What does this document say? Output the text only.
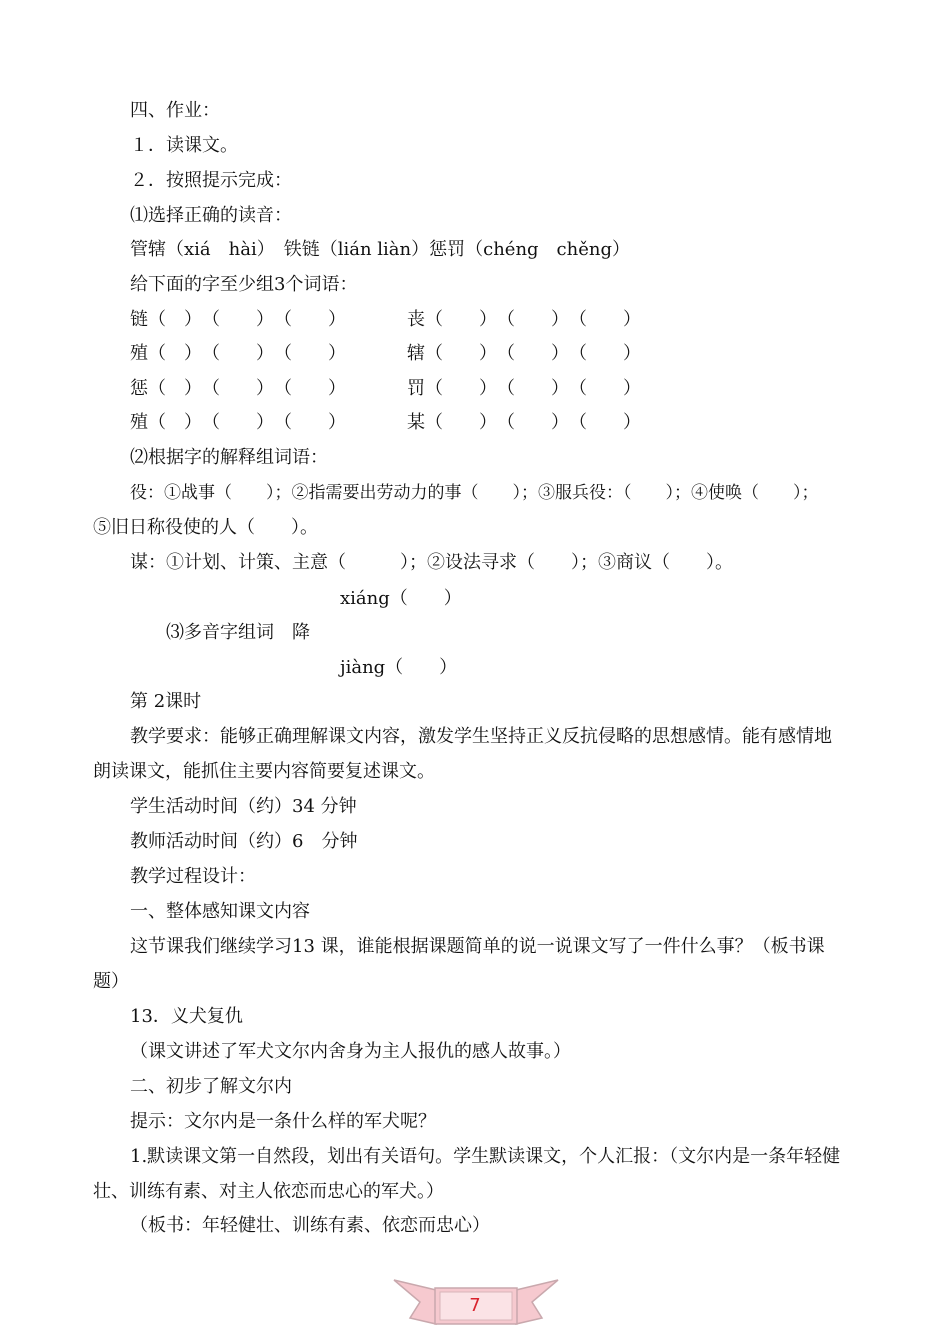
四、作业：
１．读课文。
２．按照提示完成：
⑴选择正确的读音：
管辖（xiá　hài）　铁链（lián liàn）惩罚（chéng　chěng）
给下面的字至少组3个词语：
链（　）　（　　）　（　　）	丧（　　）　（　　）　（　　）
殖（　）　（　　）　（　　）	辖（　　）　（　　）　（　　）
惩（　）　（　　）　（　　）	罚（　　）　（　　）　（　　）
殖（　）　（　　）　（　　）	某（　　）　（　　）　（　　）
⑵根据字的解释组词语：
役：①战事（　　）；②指需要出劳动力的事（　　）；③服兵役：（　　）；④使唤（　　）；
⑤旧日称役使的人（　　）。
谋：①计划、计策、主意（　　　）；②设法寻求（　　）；③商议（　　）。
xiáng（　　）
⑶多音字组词　降
jiàng（　　）
第 2课时
教学要求：能够正确理解课文内容，激发学生坚持正义反抗侵略的思想感情。能有感情地
朗读课文，能抓住主要内容简要复述课文。
学生活动时间（约）34 分钟
教师活动时间（约）6　分钟
教学过程设计：
一、整体感知课文内容
这节课我们继续学习13 课，谁能根据课题简单的说一说课文写了一件什么事？（板书课
题）
13．义犬复仇
（课文讲述了军犬文尔内舍身为主人报仇的感人故事。）
二、初步了解文尔内
提示：文尔内是一条什么样的军犬呢？
1.默读课文第一自然段，划出有关语句。学生默读课文，个人汇报：（文尔内是一条年轻健
壮、训练有素、对主人依恋而忠心的军犬。）
（板书：年轻健壮、训练有素、依恋而忠心）
7
